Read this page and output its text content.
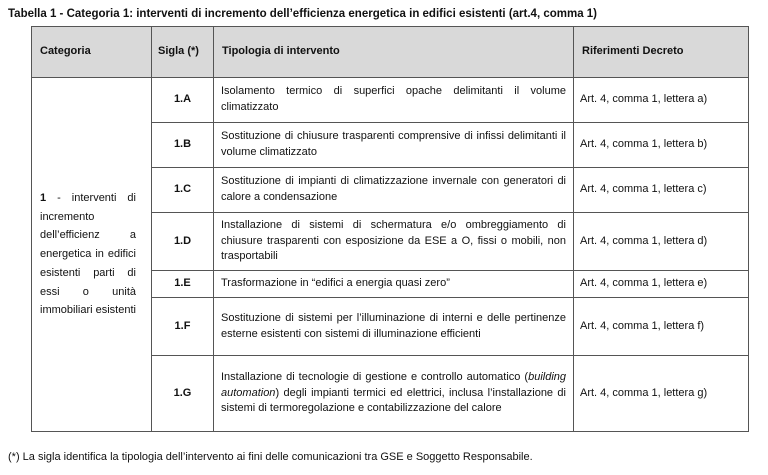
Tabella 1 - Categoria 1: interventi di incremento dell’efficienza energetica in edifici esistenti (art.4, comma 1)
Categoria	Sigla (*)	Tipologia di intervento	Riferimenti Decreto

1 - interventi di incremento dell’efficienz a energetica in edifici esistenti parti di essi o unità immobiliari esistenti	1.A	Isolamento termico di superfici opache delimitanti il volume climatizzato	Art. 4, comma 1, lettera a)
	1.B	Sostituzione di chiusure trasparenti comprensive di infissi delimitanti il volume climatizzato	Art. 4, comma 1, lettera b)
	1.C	Sostituzione di impianti di climatizzazione invernale con generatori di calore a condensazione	Art. 4, comma 1, lettera c)
	1.D	Installazione di sistemi di schermatura e/o ombreggiamento di chiusure trasparenti con esposizione da ESE a O, fissi o mobili, non trasportabili	Art. 4, comma 1, lettera d)
	1.E	Trasformazione in “edifici a energia quasi zero”	Art. 4, comma 1, lettera e)
	1.F	Sostituzione di sistemi per l’illuminazione di interni e delle pertinenze esterne esistenti con sistemi di illuminazione efficienti	Art. 4, comma 1, lettera f)
	1.G	Installazione di tecnologie di gestione e controllo automatico (building automation) degli impianti termici ed elettrici, inclusa l’installazione di sistemi di termoregolazione e contabilizzazione del calore	Art. 4, comma 1, lettera g)
(*) La sigla identifica la tipologia dell’intervento ai fini delle comunicazioni tra GSE e Soggetto Responsabile.
